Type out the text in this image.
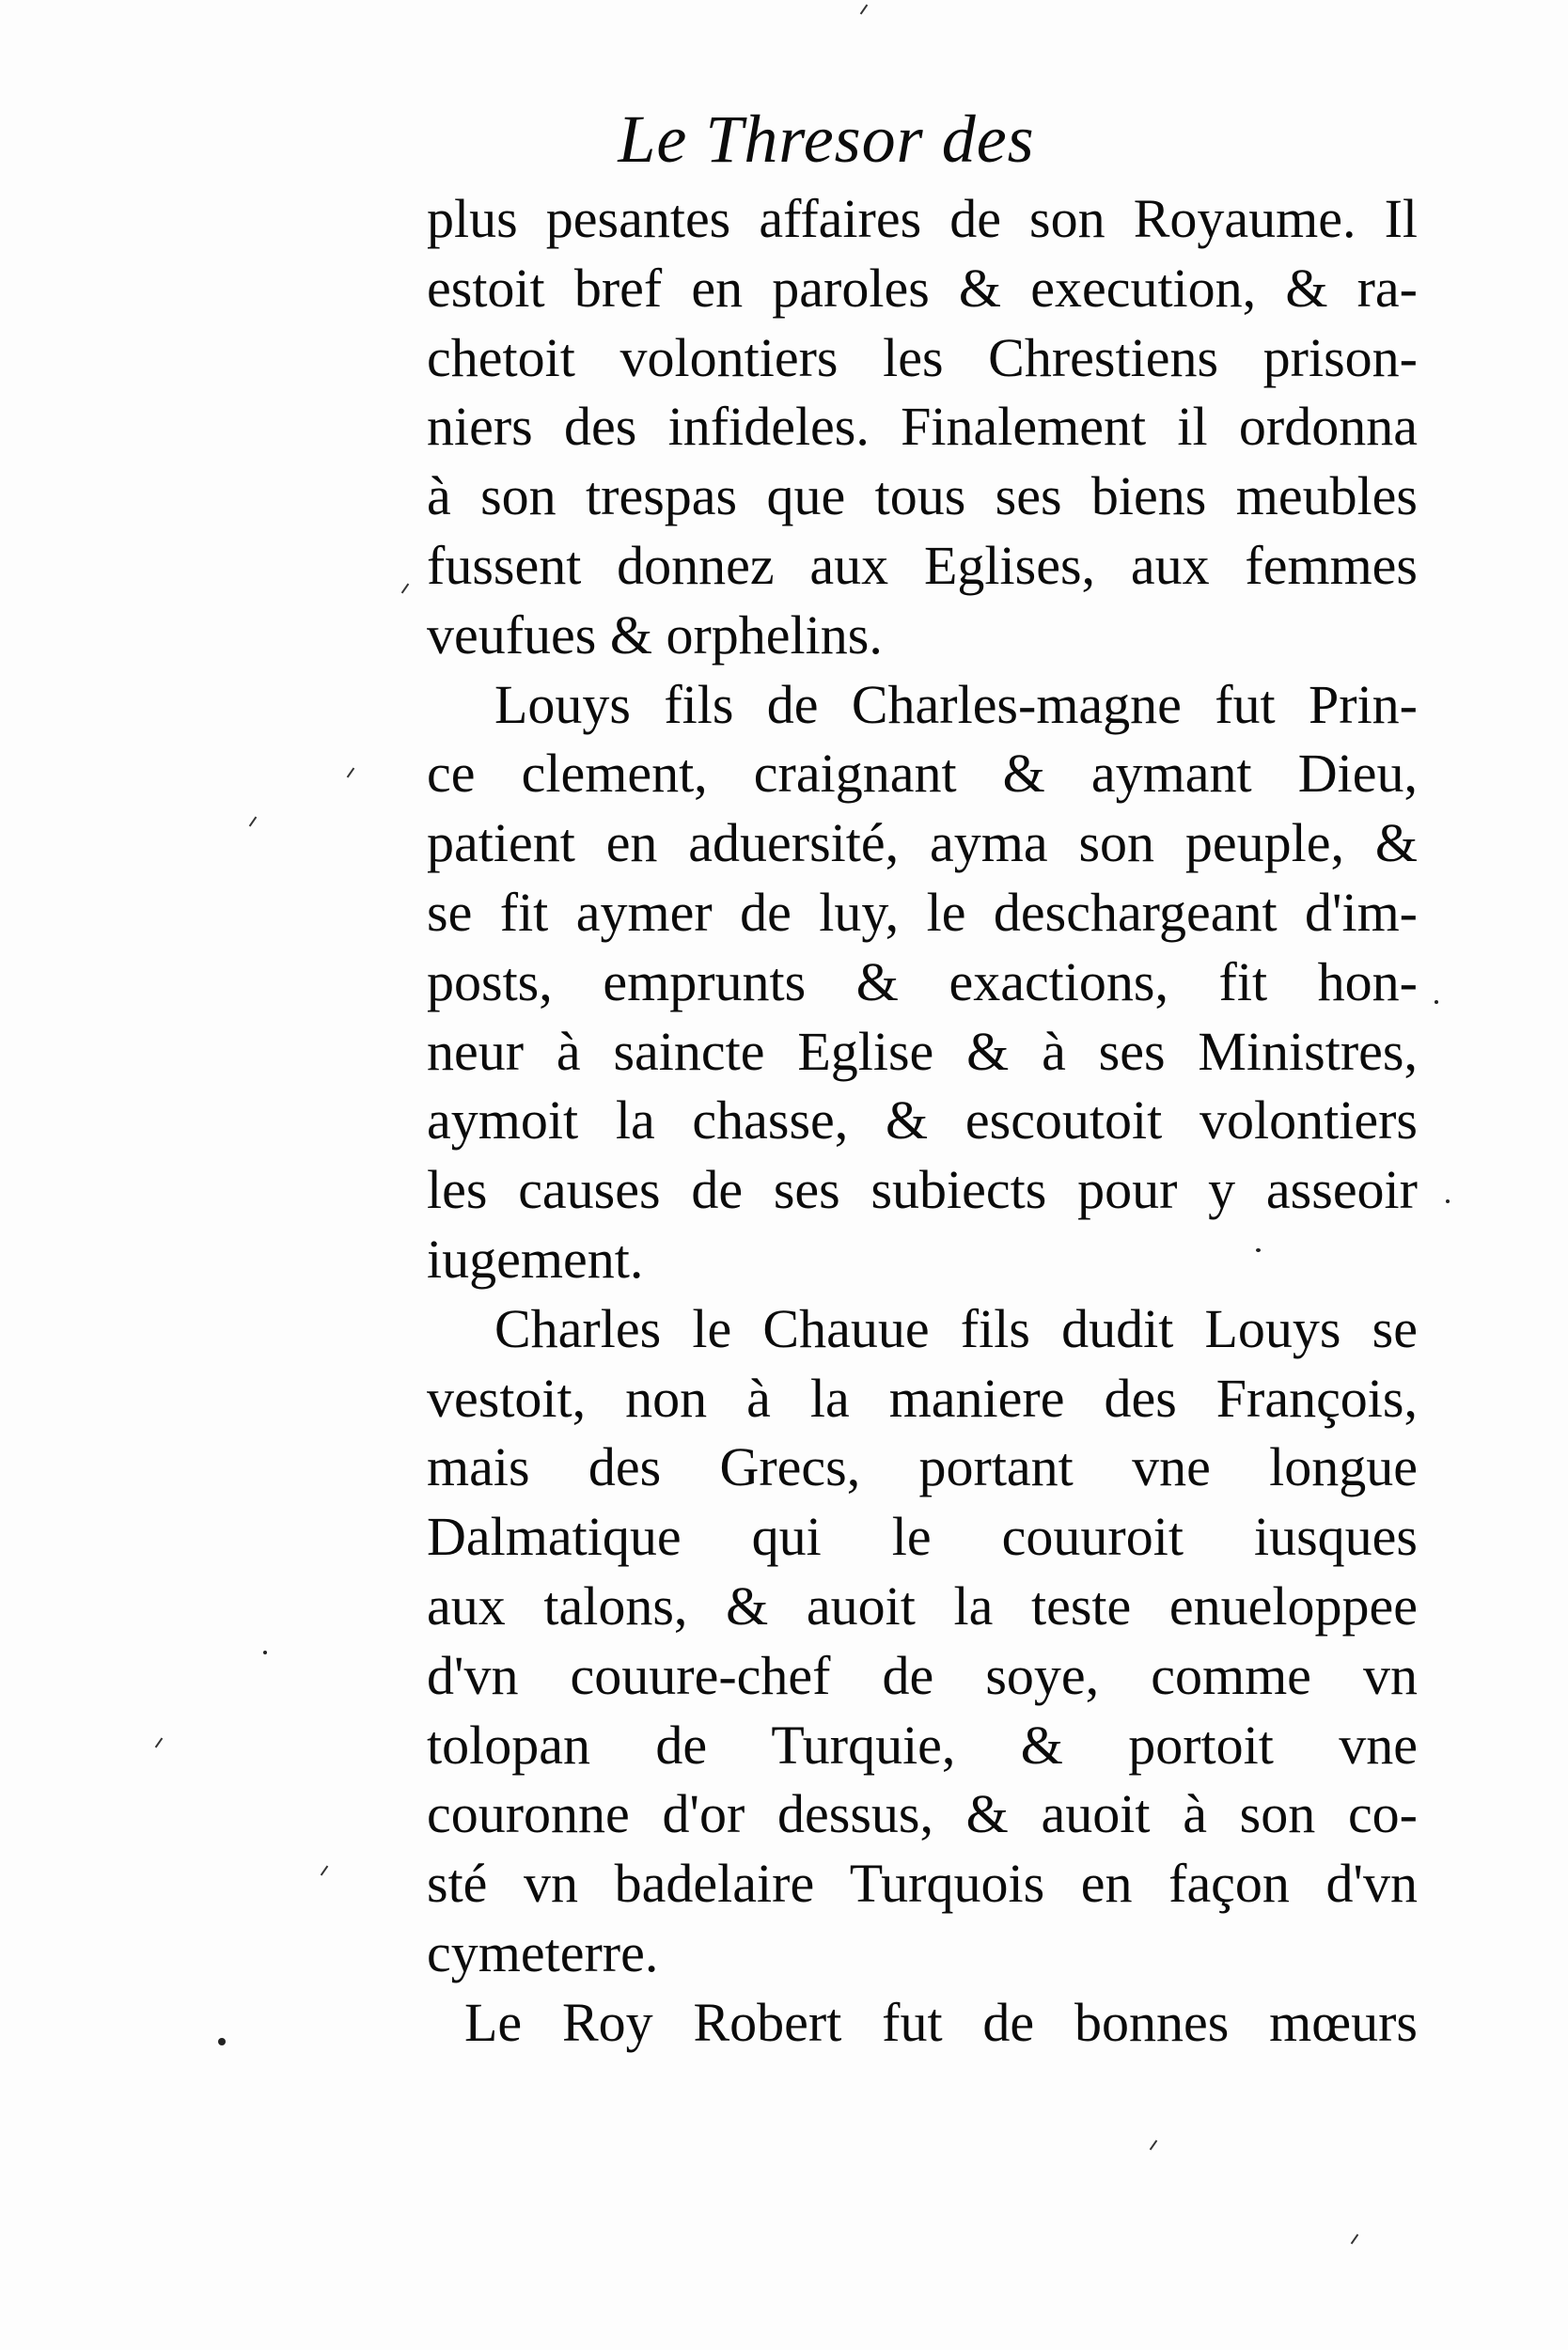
Le Thresor des
plus pesantes affaires de son Royaume. Il
estoit bref en paroles & execution, & ra-
chetoit volontiers les Chrestiens prison-
niers des infideles. Finalement il ordonna
à son trespas que tous ses biens meubles
fussent donnez aux Eglises, aux femmes
veufues & orphelins.
Louys fils de Charles-magne fut Prin-
ce clement, craignant & aymant Dieu,
patient en aduersité, ayma son peuple, &
se fit aymer de luy, le deschargeant d'im-
posts, emprunts & exactions, fit hon-
neur à saincte Eglise & à ses Ministres,
aymoit la chasse, & escoutoit volontiers
les causes de ses subiects pour y asseoir
iugement.
Charles le Chauue fils dudit Louys se
vestoit, non à la maniere des François,
mais des Grecs, portant vne longue
Dalmatique qui le couuroit iusques
aux talons, & auoit la teste enueloppee
d'vn couure-chef de soye, comme vn
tolopan de Turquie, & portoit vne
couronne d'or dessus, & auoit à son co-
sté vn badelaire Turquois en façon d'vn
cymeterre.
Le Roy Robert fut de bonnes mœurs
